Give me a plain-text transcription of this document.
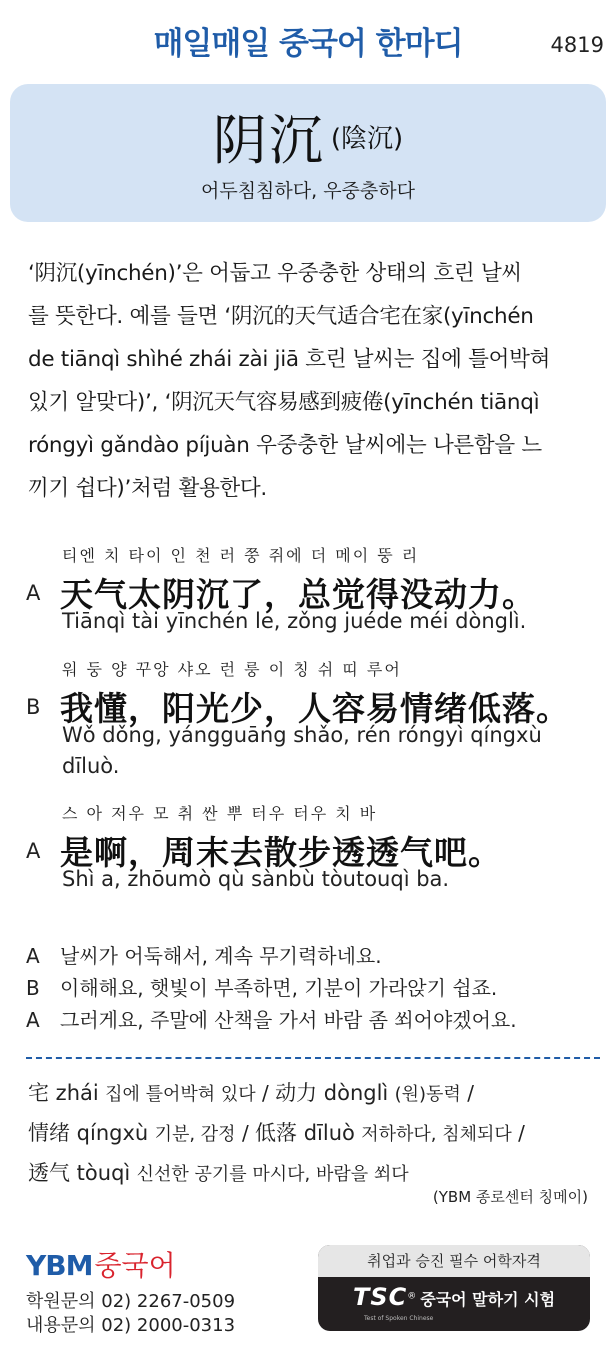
매일매일 중국어 한마디	4819
阴沉 (陰沉)
어두침침하다, 우중충하다
‘阴沉(yīnchén)’은 어둡고 우중충한 상태의 흐린 날씨
를 뜻한다. 예를 들면 ‘阴沉的天气适合宅在家(yīnchén
de tiānqì shìhé zhái zài jiā 흐린 날씨는 집에 틀어박혀
있기 알맞다)’, ‘阴沉天气容易感到疲倦(yīnchén tiānqì
róngyì gǎndào píjuàn 우중충한 날씨에는 나른함을 느
끼기 쉽다)’처럼 활용한다.
티엔 치 타이 인 천 러 쭝 쥐에 더 메이 뚱 리
A 天气太阴沉了，总觉得没动力。
Tiānqì tài yīnchén le, zǒng juéde méi dònglì.
워 둥 양 꾸앙 샤오 런 룽 이 칭 쉬 띠 루어
B 我懂，阳光少，人容易情绪低落。
Wǒ dǒng, yángguāng shǎo, rén róngyì qíngxù dīluò.
스 아 저우 모 취 싼 뿌 터우 터우 치 바
A 是啊，周末去散步透透气吧。
Shì a, zhōumò qù sànbù tòutouqì ba.
A 날씨가 어둑해서, 계속 무기력하네요.
B 이해해요, 햇빛이 부족하면, 기분이 가라앉기 쉽죠.
A 그러게요, 주말에 산책을 가서 바람 좀 쐬어야겠어요.
宅 zhái 집에 틀어박혀 있다 / 动力 dònglì (원)동력 /
情绪 qíngxù 기분, 감정 / 低落 dīluò 저하하다, 침체되다 /
透气 tòuqì 신선한 공기를 마시다, 바람을 쐬다
(YBM 종로센터 칭메이)
YBM중국어
학원문의 02) 2267-0509
내용문의 02) 2000-0313
취업과 승진 필수 어학자격
TSC® 중국어 말하기 시험
Test of Spoken Chinese
